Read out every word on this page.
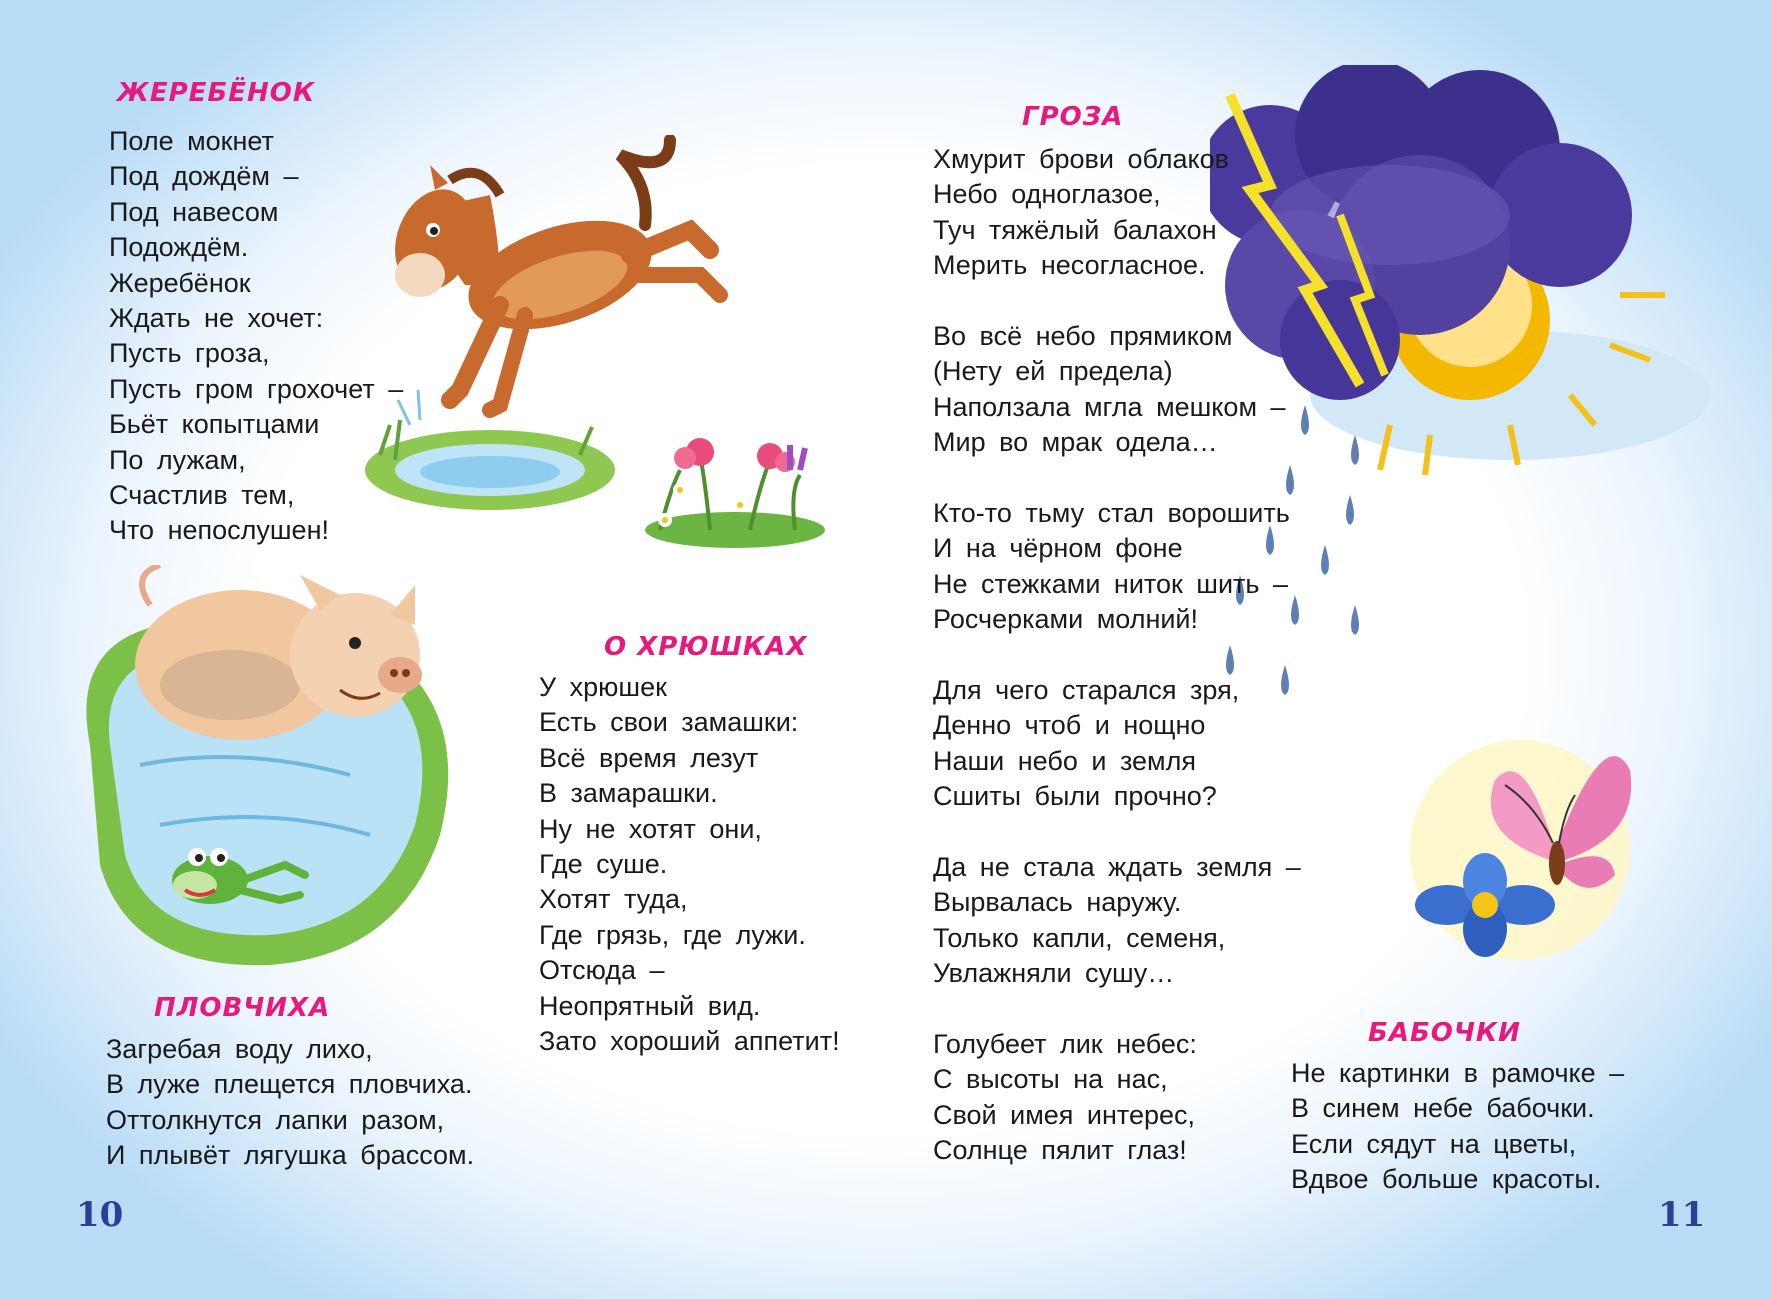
ЖЕРЕБЁНОК
Поле мокнет
Под дождём –
Под навесом
Подождём.
Жеребёнок
Ждать не хочет:
Пусть гроза,
Пусть гром грохочет –
Бьёт копытцами
По лужам,
Счастлив тем,
Что непослушен!
О ХРЮШКАХ
У хрюшек
Есть свои замашки:
Всё время лезут
В замарашки.
Ну не хотят они,
Где суше.
Хотят туда,
Где грязь, где лужи.
Отсюда –
Неопрятный вид.
Зато хороший аппетит!
ПЛОВЧИХА
Загребая воду лихо,
В луже плещется пловчиха.
Оттолкнутся лапки разом,
И плывёт лягушка брассом.
10
ГРОЗА
Хмурит брови облаков
Небо одноглазое,
Туч тяжёлый балахон
Мерить несогласное.
Во всё небо прямиком
(Нету ей предела)
Наползала мгла мешком –
Мир во мрак одела…
Кто-то тьму стал ворошить
И на чёрном фоне
Не стежками ниток шить –
Росчерками молний!
Для чего старался зря,
Денно чтоб и нощно
Наши небо и земля
Сшиты были прочно?
Да не стала ждать земля –
Вырвалась наружу.
Только капли, семеня,
Увлажняли сушу…
Голубеет лик небес:
С высоты на нас,
Свой имея интерес,
Солнце пялит глаз!
БАБОЧКИ
Не картинки в рамочке –
В синем небе бабочки.
Если сядут на цветы,
Вдвое больше красоты.
11
